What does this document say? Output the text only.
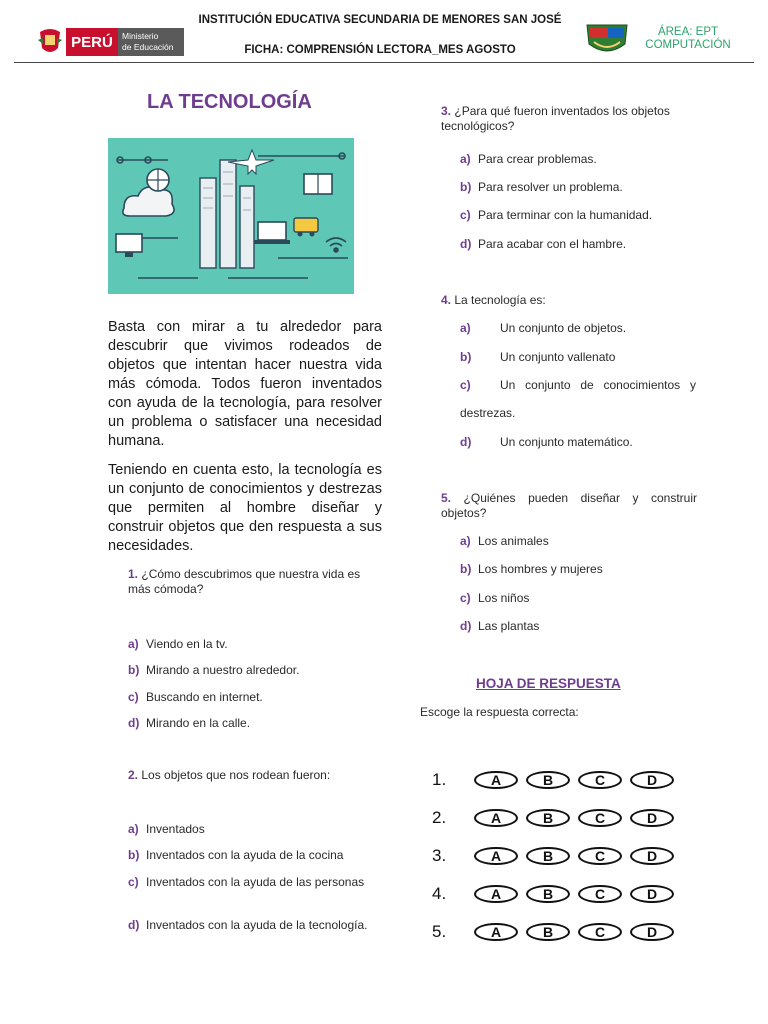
PERÚ	Ministerio
de Educación
INSTITUCIÓN EDUCATIVA SECUNDARIA DE MENORES SAN JOSÉ
FICHA: COMPRENSIÓN LECTORA_MES AGOSTO
ÁREA: EPT
COMPUTACIÓN
LA TECNOLOGÍA
Basta con mirar a tu alrededor para descubrir que vivimos rodeados de objetos que intentan hacer nuestra vida más cómoda. Todos fueron inventados con ayuda de la tecnología, para resolver un problema o satisfacer una necesidad humana.
Teniendo en cuenta esto, la tecnología es un conjunto de conocimientos y destrezas que permiten al hombre diseñar y construir objetos que den respuesta a sus necesidades.
1. ¿Cómo descubrimos que nuestra vida es más cómoda?
a) Viendo en la tv.
b) Mirando a nuestro alrededor.
c) Buscando en internet.
d) Mirando en la calle.
2. Los objetos que nos rodean fueron:
a) Inventados
b) Inventados con la ayuda de la cocina
c) Inventados con la ayuda de las personas
d) Inventados con la ayuda de la tecnología.
3. ¿Para qué fueron inventados los objetos tecnológicos?
a) Para crear problemas.
b) Para resolver un problema.
c) Para terminar con la humanidad.
d) Para acabar con el hambre.
4. La tecnología es:
a) Un conjunto de objetos.
b) Un conjunto vallenato
c)	Un conjunto de conocimientos y
destrezas.
d) Un conjunto matemático.
5. ¿Quiénes pueden diseñar y construir objetos?
a) Los animales
b) Los hombres y mujeres
c) Los niños
d) Las plantas
HOJA DE RESPUESTA
Escoge la respuesta correcta:
1.	A	B	C	D
2.	A	B	C	D
3.	A	B	C	D
4.	A	B	C	D
5.	A	B	C	D
